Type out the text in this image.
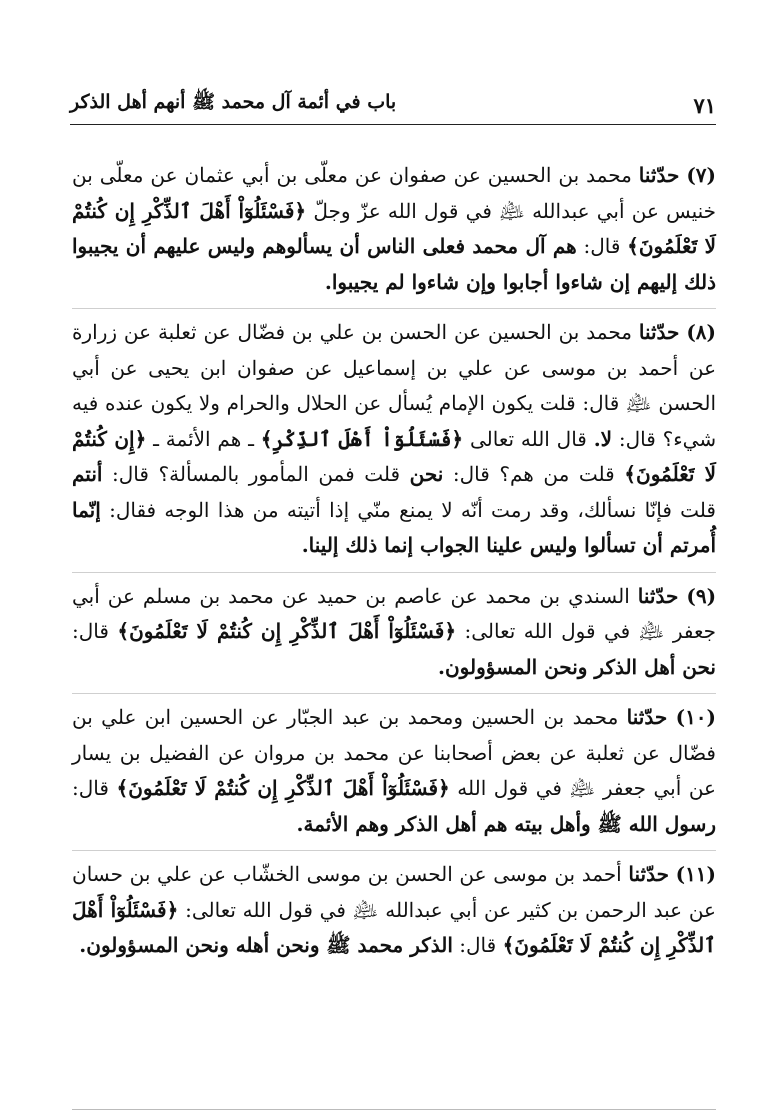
باب في أئمة آل محمد ﷺ أنهم أهل الذكر	٧١

(٧) حدّثنا محمد بن الحسين عن صفوان عن معلّى بن أبي عثمان عن معلّى بن خنيس عن أبي عبدالله ﵇ في قول الله عزّ وجلّ ﴿فَسْئَلُوٓاْ أَهْلَ ٱلذِّكْرِ إِن كُنتُمْ لَا تَعْلَمُونَ﴾ قال: هم آل محمد فعلى الناس أن يسألوهم وليس عليهم أن يجيبوا ذلك إليهم إن شاءوا أجابوا وإن شاءوا لم يجيبوا.

(٨) حدّثنا محمد بن الحسين عن الحسن بن علي بن فضّال عن ثعلبة عن زرارة عن أحمد بن موسى عن علي بن إسماعيل عن صفوان ابن يحيى عن أبي الحسن ﵇ قال: قلت يكون الإمام يُسأل عن الحلال والحرام ولا يكون عنده فيه شيء؟ قال: لا. قال الله تعالى ﴿فَسْئَلُوٓاْ أَهْلَ ٱلذِّكْرِ﴾ ـ هم الأئمة ـ ﴿إِن كُنتُمْ لَا تَعْلَمُونَ﴾ قلت من هم؟ قال: نحن قلت فمن المأمور بالمسألة؟ قال: أنتم قلت فإنّا نسألك، وقد رمت أنّه لا يمنع منّي إذا أتيته من هذا الوجه فقال: إنّما أُمرتم أن تسألوا وليس علينا الجواب إنما ذلك إلينا.

(٩) حدّثنا السندي بن محمد عن عاصم بن حميد عن محمد بن مسلم عن أبي جعفر ﵇ في قول الله تعالى: ﴿فَسْئَلُوٓاْ أَهْلَ ٱلذِّكْرِ إِن كُنتُمْ لَا تَعْلَمُونَ﴾ قال: نحن أهل الذكر ونحن المسؤولون.

(١٠) حدّثنا محمد بن الحسين ومحمد بن عبد الجبّار عن الحسين ابن علي بن فضّال عن ثعلبة عن بعض أصحابنا عن محمد بن مروان عن الفضيل بن يسار عن أبي جعفر ﵇ في قول الله ﴿فَسْئَلُوٓاْ أَهْلَ ٱلذِّكْرِ إِن كُنتُمْ لَا تَعْلَمُونَ﴾ قال: رسول الله ﷺ وأهل بيته هم أهل الذكر وهم الأئمة.

(١١) حدّثنا أحمد بن موسى عن الحسن بن موسى الخشّاب عن علي بن حسان عن عبد الرحمن بن كثير عن أبي عبدالله ﵇ في قول الله تعالى: ﴿فَسْئَلُوٓاْ أَهْلَ ٱلذِّكْرِ إِن كُنتُمْ لَا تَعْلَمُونَ﴾ قال: الذكر محمد ﷺ ونحن أهله ونحن المسؤولون.
